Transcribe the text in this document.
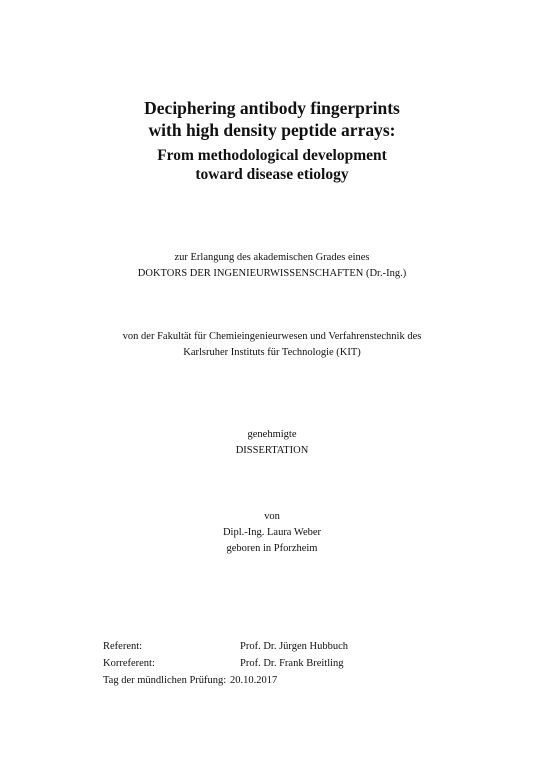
Deciphering antibody fingerprints
with high density peptide arrays:
From methodological development
toward disease etiology
zur Erlangung des akademischen Grades eines
DOKTORS DER INGENIEURWISSENSCHAFTEN (Dr.-Ing.)
von der Fakultät für Chemieingenieurwesen und Verfahrenstechnik des
Karlsruher Instituts für Technologie (KIT)
genehmigte
DISSERTATION
von
Dipl.-Ing. Laura Weber
geboren in Pforzheim
Referent:	Prof. Dr. Jürgen Hubbuch
Korreferent:	Prof. Dr. Frank Breitling
Tag der mündlichen Prüfung: 20.10.2017
